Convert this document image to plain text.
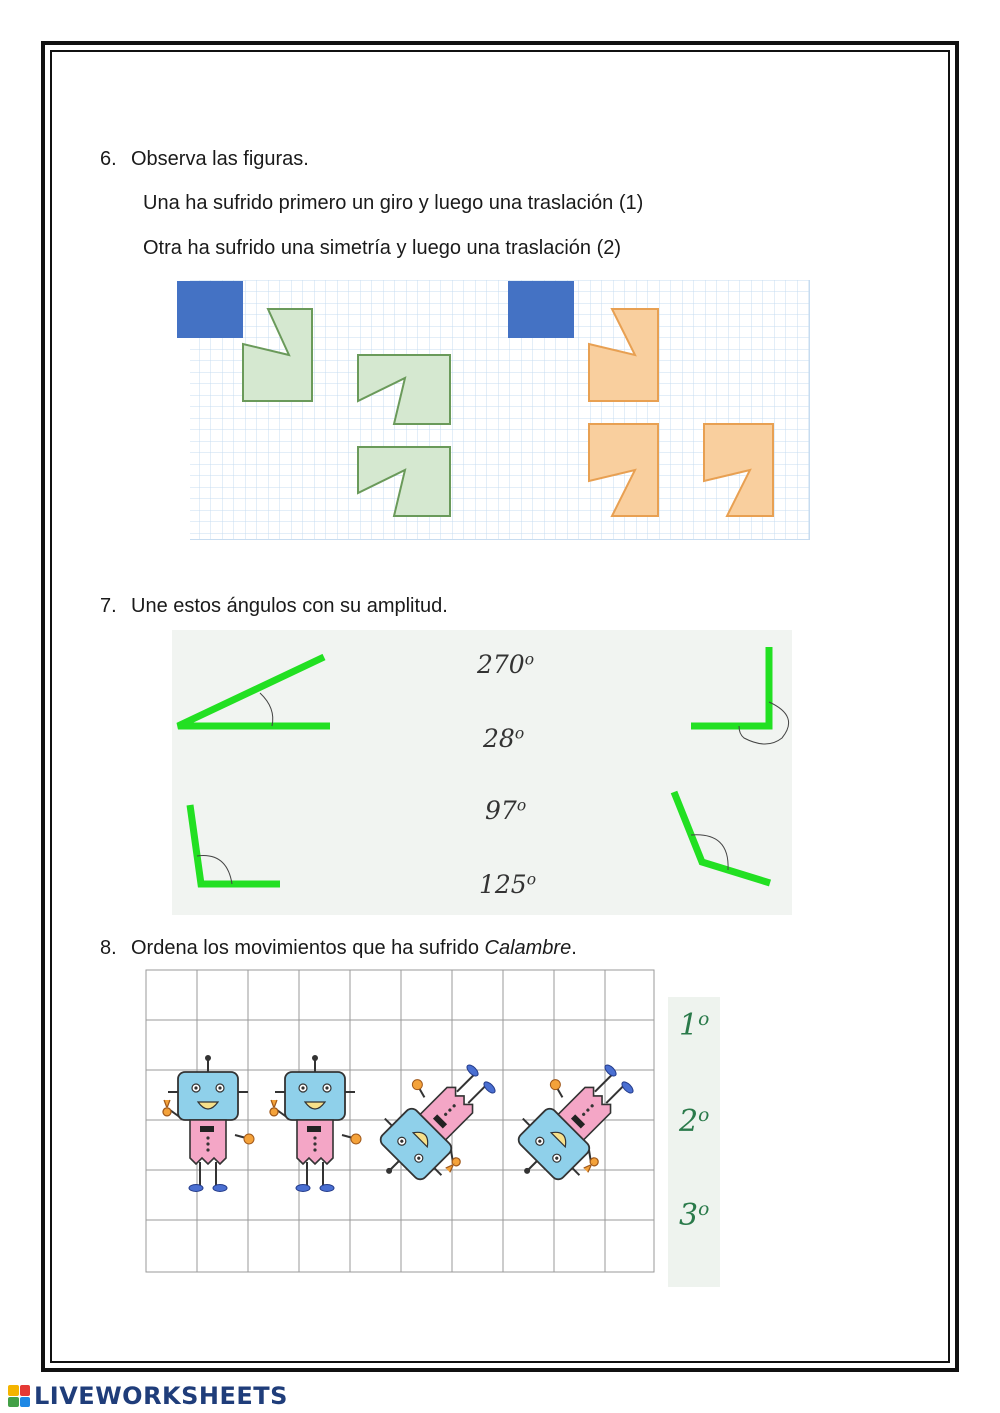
6. Observa las figuras.
Una ha sufrido primero un giro y luego una traslación (1)
Otra ha sufrido una simetría y luego una traslación (2)
7. Une estos ángulos con su amplitud.
270$^o$
28$^o$
97$^o$
125$^o$
8. Ordena los movimientos que ha sufrido Calambre.
1$^o$
2$^o$
3$^o$
LIVEWORKSHEETS
